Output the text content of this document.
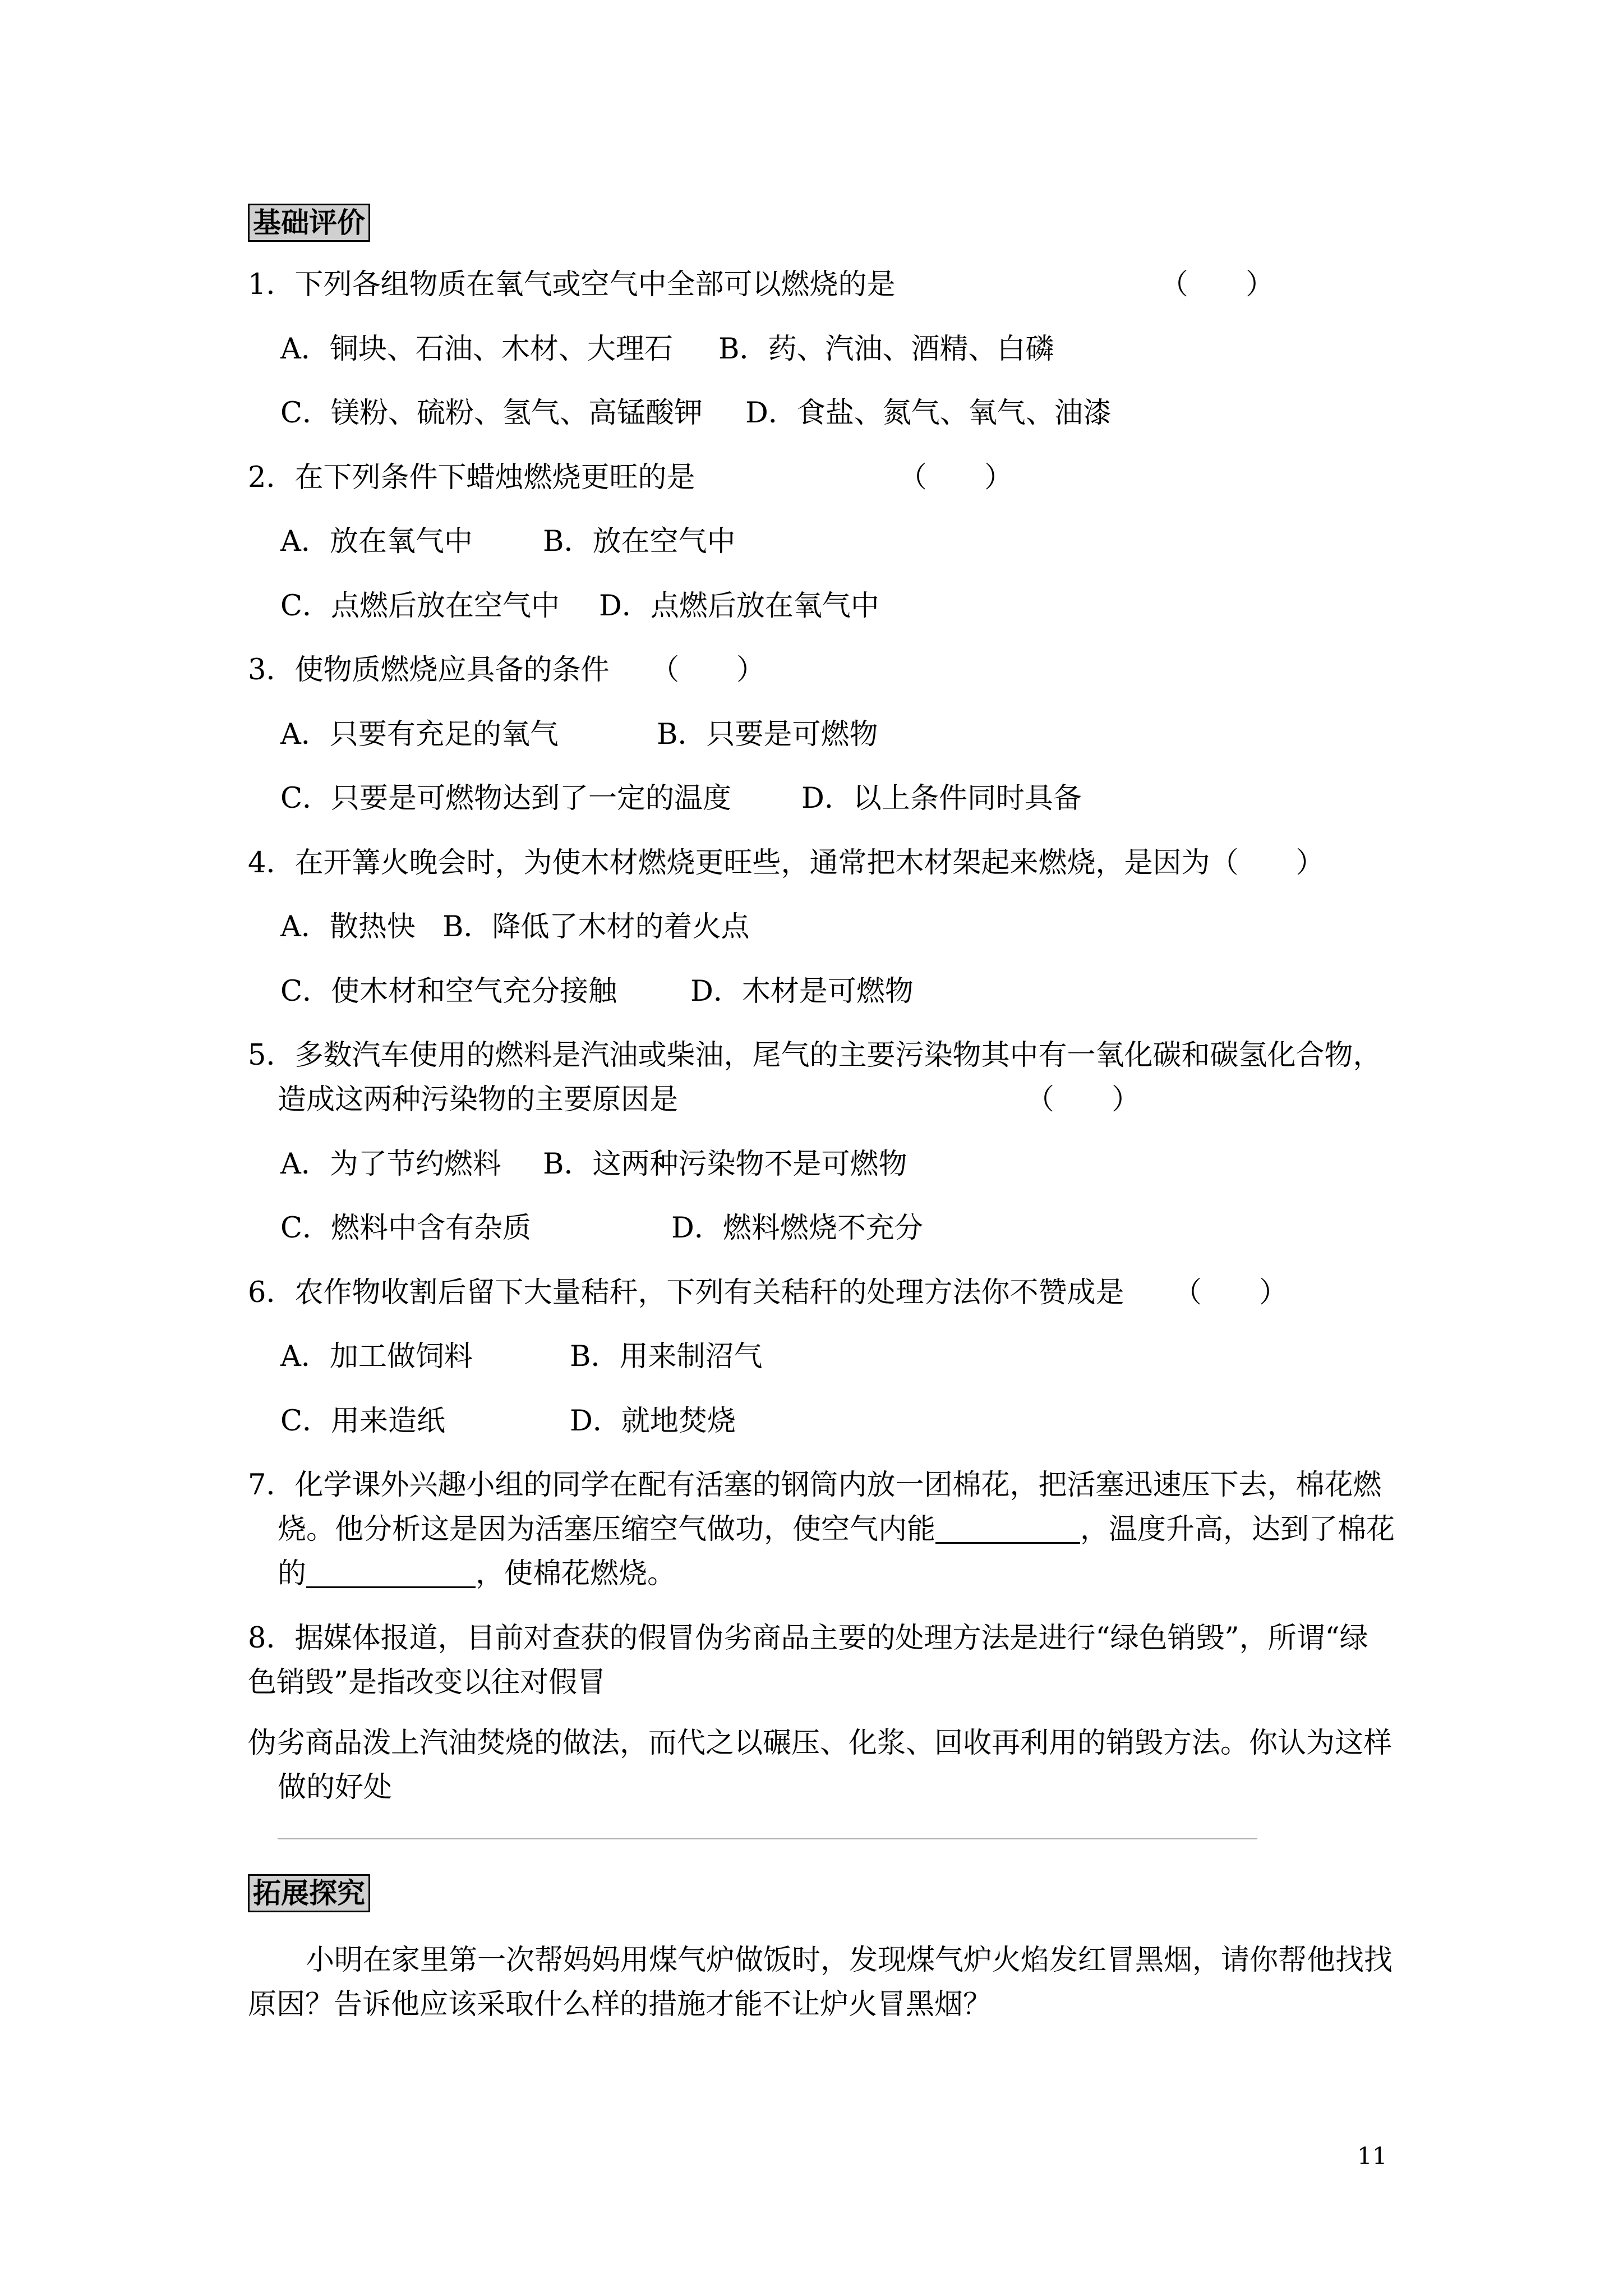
基础评价
1．下列各组物质在氧气或空气中全部可以燃烧的是	（　　）
A．铜块、石油、木材、大理石 B．药、汽油、酒精、白磷
C．镁粉、硫粉、氢气、高锰酸钾 D．食盐、氮气、氧气、油漆
2．在下列条件下蜡烛燃烧更旺的是	（　　）
A．放在氧气中 B．放在空气中
C．点燃后放在空气中 D．点燃后放在氧气中
3．使物质燃烧应具备的条件 （　　）
A．只要有充足的氧气	B．只要是可燃物
C．只要是可燃物达到了一定的温度 D．以上条件同时具备
4．在开篝火晚会时，为使木材燃烧更旺些，通常把木材架起来燃烧，是因为（　　）
A．散热快 B．降低了木材的着火点
C．使木材和空气充分接触	D．木材是可燃物
5．多数汽车使用的燃料是汽油或柴油，尾气的主要污染物其中有一氧化碳和碳氢化合物，
造成这两种污染物的主要原因是	（　　）
A．为了节约燃料 B．这两种污染物不是可燃物
C．燃料中含有杂质	D．燃料燃烧不充分
6．农作物收割后留下大量秸秆，下列有关秸秆的处理方法你不赞成是 （　　）
A．加工做饲料	B．用来制沼气
C．用来造纸	D．就地焚烧
7．化学课外兴趣小组的同学在配有活塞的钢筒内放一团棉花，把活塞迅速压下去，棉花燃
烧。他分析这是因为活塞压缩空气做功，使空气内能	，温度升高，达到了棉花
的	，使棉花燃烧。
8．据媒体报道，目前对查获的假冒伪劣商品主要的处理方法是进行“绿色销毁”，所谓“绿
色销毁”是指改变以往对假冒
伪劣商品泼上汽油焚烧的做法，而代之以碾压、化浆、回收再利用的销毁方法。你认为这样
做的好处
拓展探究
小明在家里第一次帮妈妈用煤气炉做饭时，发现煤气炉火焰发红冒黑烟，请你帮他找找
原因？告诉他应该采取什么样的措施才能不让炉火冒黑烟？
11
